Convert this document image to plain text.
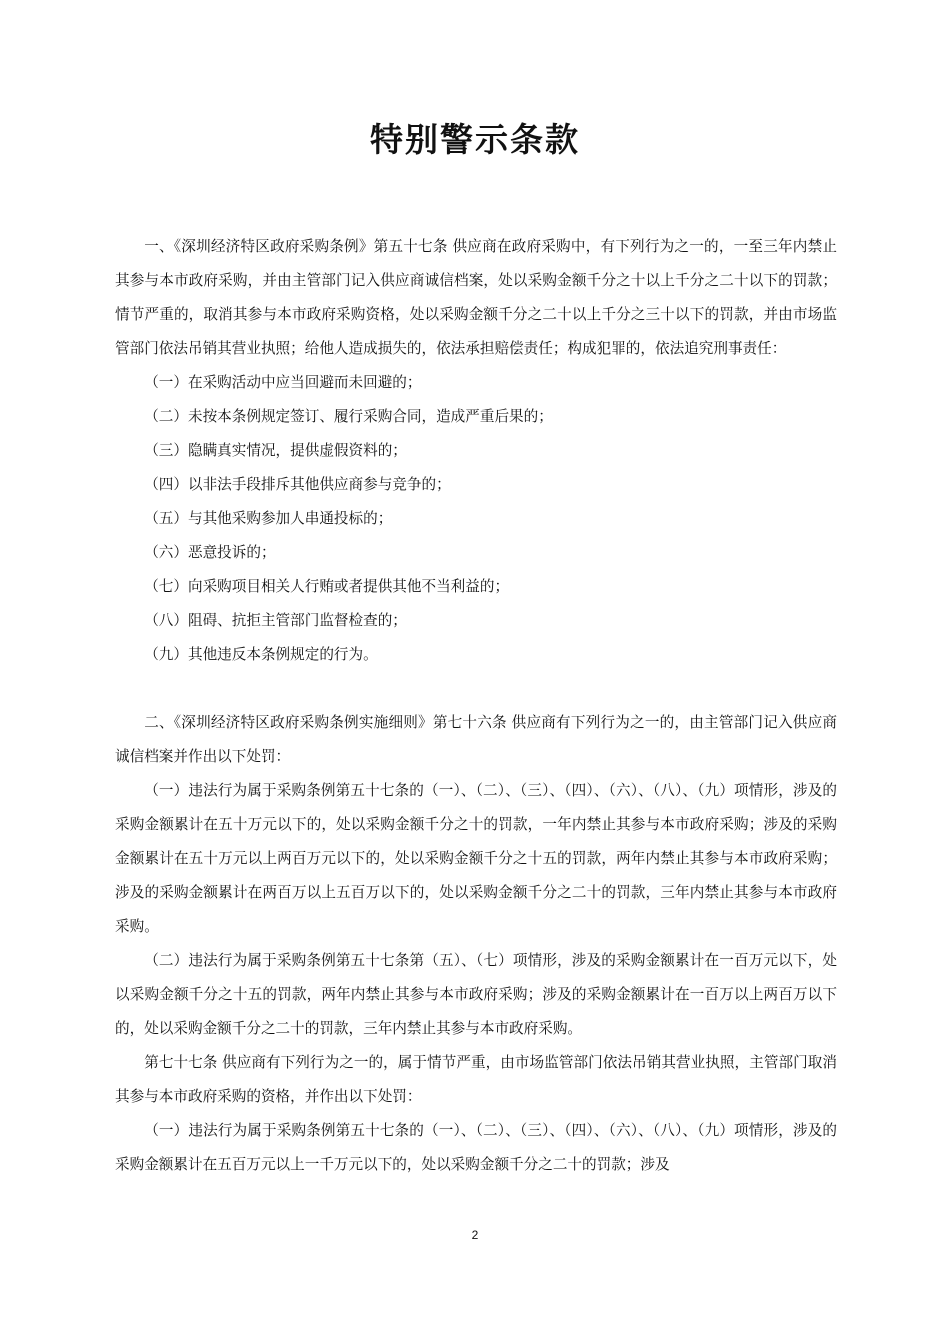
特别警示条款

一、《深圳经济特区政府采购条例》第五十七条 供应商在政府采购中，有下列行为之一的，一至三年内禁止其参与本市政府采购，并由主管部门记入供应商诚信档案，处以采购金额千分之十以上千分之二十以下的罚款；情节严重的，取消其参与本市政府采购资格，处以采购金额千分之二十以上千分之三十以下的罚款，并由市场监管部门依法吊销其营业执照；给他人造成损失的，依法承担赔偿责任；构成犯罪的，依法追究刑事责任：

（一）在采购活动中应当回避而未回避的；

（二）未按本条例规定签订、履行采购合同，造成严重后果的；

（三）隐瞒真实情况，提供虚假资料的；

（四）以非法手段排斥其他供应商参与竞争的；

（五）与其他采购参加人串通投标的；

（六）恶意投诉的；

（七）向采购项目相关人行贿或者提供其他不当利益的；

（八）阻碍、抗拒主管部门监督检查的；

（九）其他违反本条例规定的行为。

二、《深圳经济特区政府采购条例实施细则》第七十六条 供应商有下列行为之一的，由主管部门记入供应商诚信档案并作出以下处罚：

（一）违法行为属于采购条例第五十七条的（一）、（二）、（三）、（四）、（六）、（八）、（九）项情形，涉及的采购金额累计在五十万元以下的，处以采购金额千分之十的罚款，一年内禁止其参与本市政府采购；涉及的采购金额累计在五十万元以上两百万元以下的，处以采购金额千分之十五的罚款，两年内禁止其参与本市政府采购；涉及的采购金额累计在两百万以上五百万以下的，处以采购金额千分之二十的罚款，三年内禁止其参与本市政府采购。

（二）违法行为属于采购条例第五十七条第（五）、（七）项情形，涉及的采购金额累计在一百万元以下，处以采购金额千分之十五的罚款，两年内禁止其参与本市政府采购；涉及的采购金额累计在一百万以上两百万以下的，处以采购金额千分之二十的罚款，三年内禁止其参与本市政府采购。

第七十七条 供应商有下列行为之一的，属于情节严重，由市场监管部门依法吊销其营业执照，主管部门取消其参与本市政府采购的资格，并作出以下处罚：

（一）违法行为属于采购条例第五十七条的（一）、（二）、（三）、（四）、（六）、（八）、（九）项情形，涉及的采购金额累计在五百万元以上一千万元以下的，处以采购金额千分之二十的罚款；涉及

2
